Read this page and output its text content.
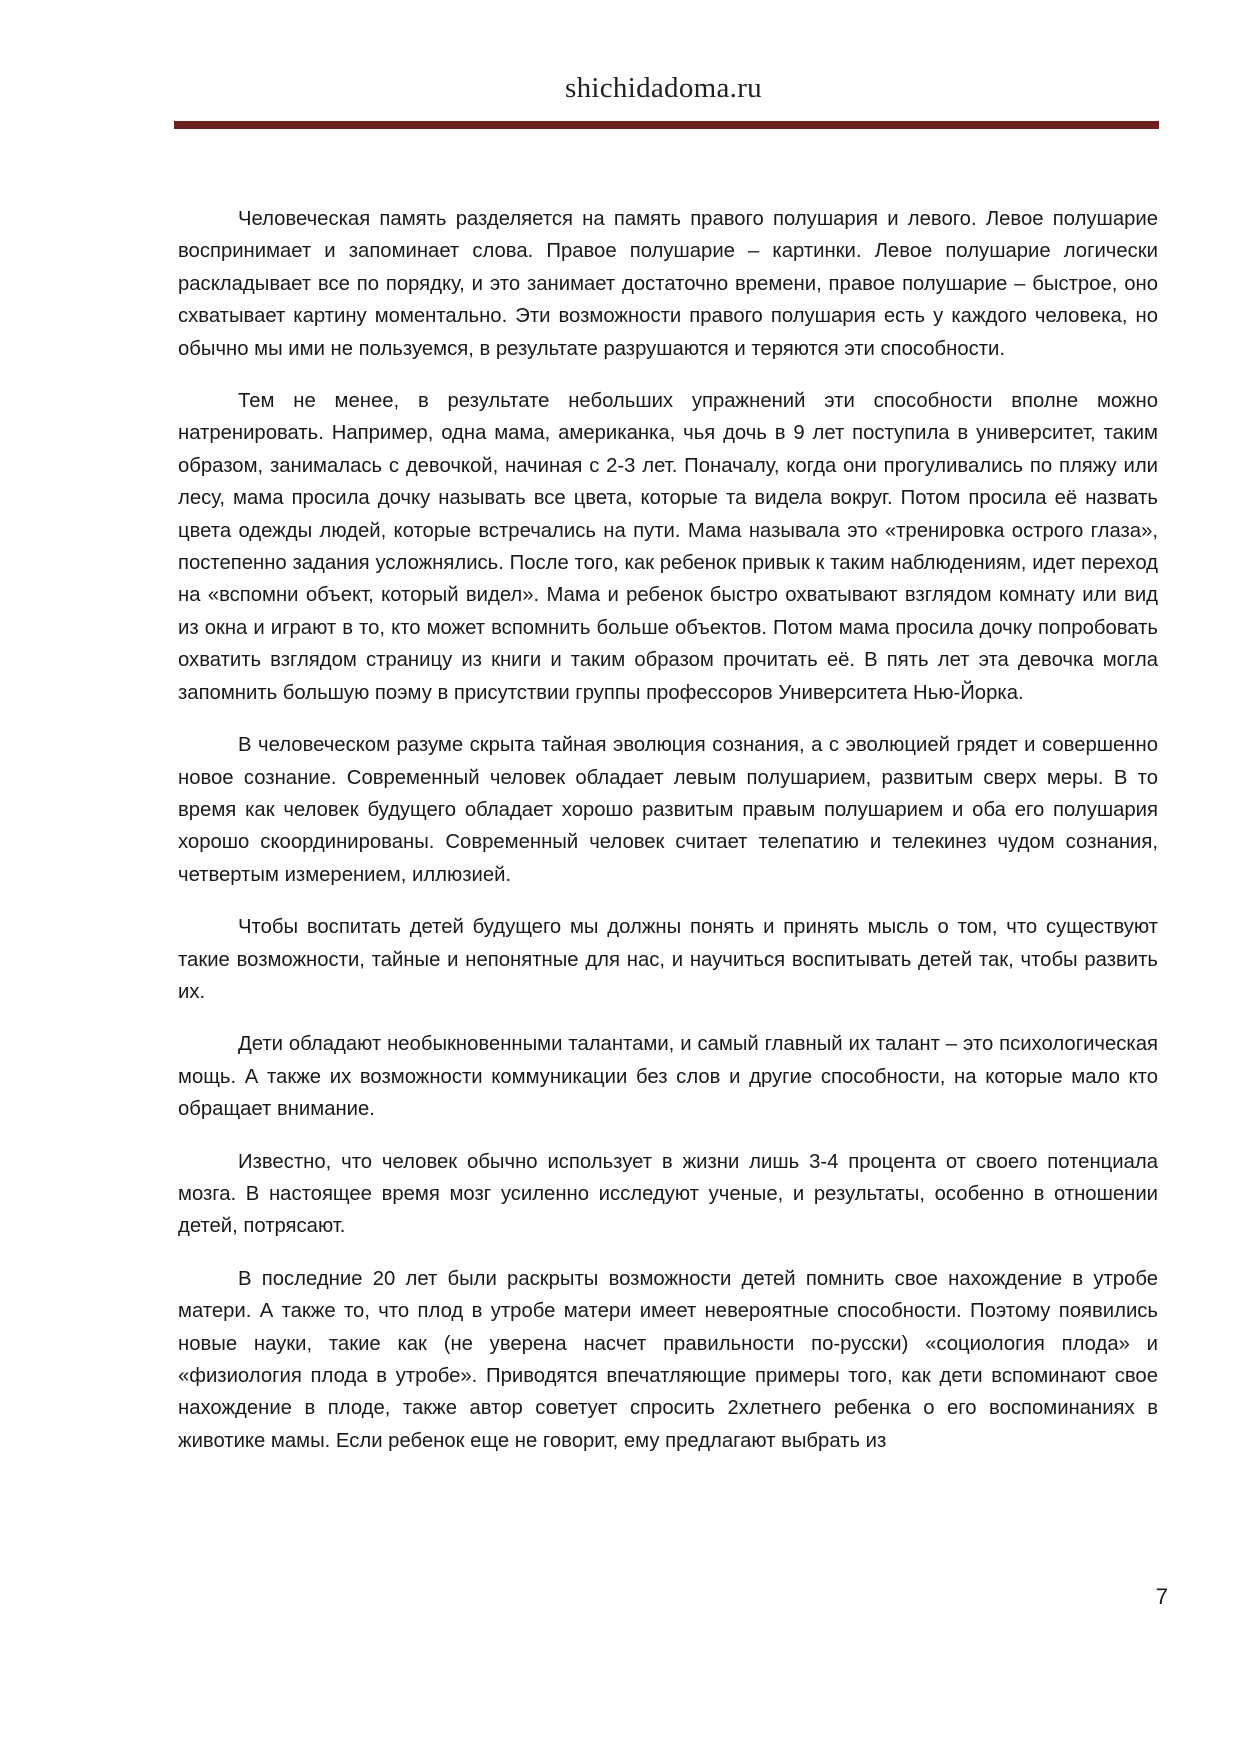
shichidadoma.ru

Человеческая память разделяется на память правого полушария и левого. Левое полушарие воспринимает и запоминает слова. Правое полушарие – картинки. Левое полушарие логически раскладывает все по порядку, и это занимает достаточно времени, правое полушарие – быстрое, оно схватывает картину моментально. Эти возможности правого полушария есть у каждого человека, но обычно мы ими не пользуемся, в результате разрушаются и теряются эти способности.

Тем не менее, в результате небольших упражнений эти способности вполне можно натренировать. Например, одна мама, американка, чья дочь в 9 лет поступила в университет, таким образом, занималась с девочкой, начиная с 2-3 лет. Поначалу, когда они прогуливались по пляжу или лесу, мама просила дочку называть все цвета, которые та видела вокруг. Потом просила её назвать цвета одежды людей, которые встречались на пути. Мама называла это «тренировка острого глаза», постепенно задания усложнялись. После того, как ребенок привык к таким наблюдениям, идет переход на «вспомни объект, который видел». Мама и ребенок быстро охватывают взглядом комнату или вид из окна и играют в то, кто может вспомнить больше объектов. Потом мама просила дочку попробовать охватить взглядом страницу из книги и таким образом прочитать её. В пять лет эта девочка могла запомнить большую поэму в присутствии группы профессоров Университета Нью-Йорка.

В человеческом разуме скрыта тайная эволюция сознания, а с эволюцией грядет и совершенно новое сознание. Современный человек обладает левым полушарием, развитым сверх меры. В то время как человек будущего обладает хорошо развитым правым полушарием и оба его полушария хорошо скоординированы. Современный человек считает телепатию и телекинез чудом сознания, четвертым измерением, иллюзией.

Чтобы воспитать детей будущего мы должны понять и принять мысль о том, что существуют такие возможности, тайные и непонятные для нас, и научиться воспитывать детей так, чтобы развить их.

Дети обладают необыкновенными талантами, и самый главный их талант – это психологическая мощь. А также их возможности коммуникации без слов и другие способности, на которые мало кто обращает внимание.

Известно, что человек обычно использует в жизни лишь 3-4 процента от своего потенциала мозга. В настоящее время мозг усиленно исследуют ученые, и результаты, особенно в отношении детей, потрясают.

В последние 20 лет были раскрыты возможности детей помнить свое нахождение в утробе матери. А также то, что плод в утробе матери имеет невероятные способности. Поэтому появились новые науки, такие как (не уверена насчет правильности по-русски) «социология плода» и «физиология плода в утробе». Приводятся впечатляющие примеры того, как дети вспоминают свое нахождение в плоде, также автор советует спросить 2хлетнего ребенка о его воспоминаниях в животике мамы. Если ребенок еще не говорит, ему предлагают выбрать из

7
